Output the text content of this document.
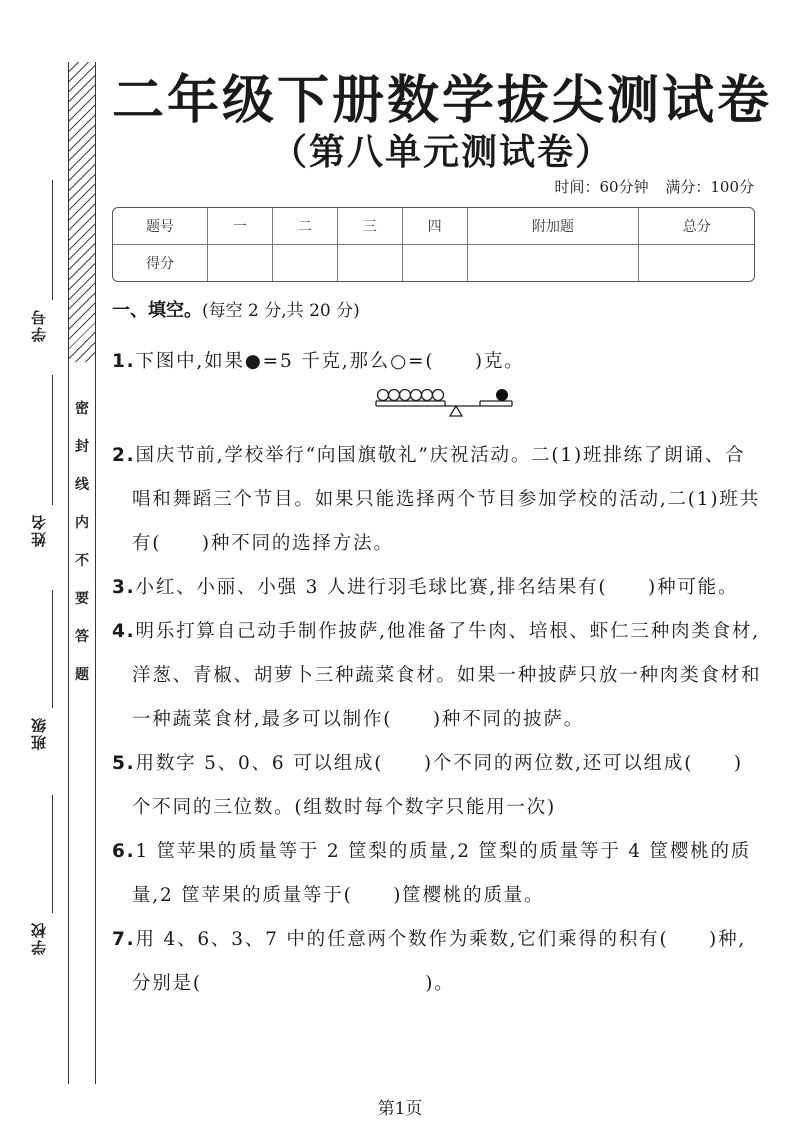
学号
姓名
班级
学校
密
封
线
内
不
要
答
题
二年级下册数学拔尖测试卷
（第八单元测试卷）
时间：60分钟 满分：100分
题号	一	二	三	四	附加题	总分
得分						
一、填空。(每空 2 分,共 20 分)

1.下图中,如果●=5 千克,那么○=(　　)克。

2.国庆节前,学校举行“向国旗敬礼”庆祝活动。二(1)班排练了朗诵、合唱和舞蹈三个节目。如果只能选择两个节目参加学校的活动,二(1)班共有(　　)种不同的选择方法。

3.小红、小丽、小强 3 人进行羽毛球比赛,排名结果有(　　)种可能。

4.明乐打算自己动手制作披萨,他准备了牛肉、培根、虾仁三种肉类食材,洋葱、青椒、胡萝卜三种蔬菜食材。如果一种披萨只放一种肉类食材和一种蔬菜食材,最多可以制作(　　)种不同的披萨。

5.用数字 5、0、6 可以组成(　　)个不同的两位数,还可以组成(　　)个不同的三位数。(组数时每个数字只能用一次)

6.1 筐苹果的质量等于 2 筐梨的质量,2 筐梨的质量等于 4 筐樱桃的质量,2 筐苹果的质量等于(　　)筐樱桃的质量。

7.用 4、6、3、7 中的任意两个数作为乘数,它们乘得的积有(　　)种,分别是(　　　　　　　　　　　)。

第1页
